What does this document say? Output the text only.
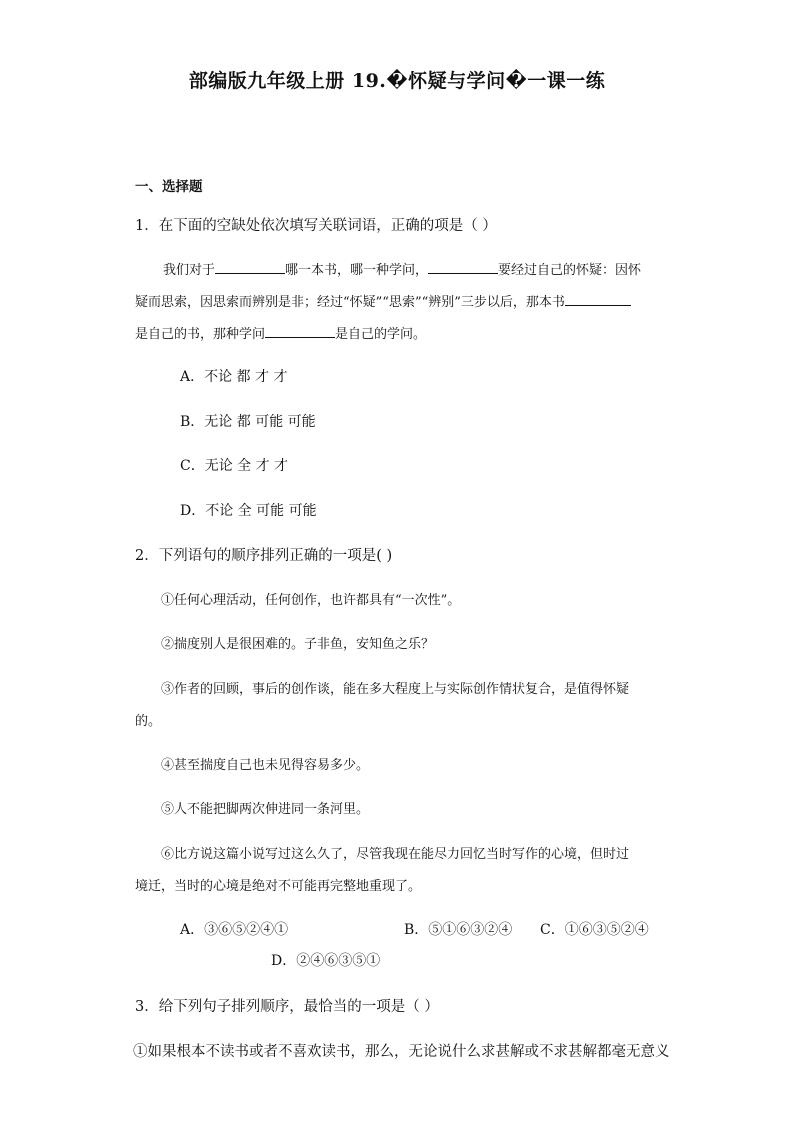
部编版九年级上册 19.�怀疑与学问�一课一练
一、选择题
1．在下面的空缺处依次填写关联词语，正确的项是（ ）
我们对于	哪一本书，哪一种学问，	要经过自己的怀疑：因怀
疑而思索，因思索而辨别是非；经过“怀疑”“思索”“辨别”三步以后，那本书
是自己的书，那种学问	是自己的学问。
A．不论 都 才 才
B．无论 都 可能 可能
C．无论 全 才 才
D．不论 全 可能 可能
2．下列语句的顺序排列正确的一项是( )
①任何心理活动，任何创作，也许都具有“一次性”。
②揣度别人是很困难的。子非鱼，安知鱼之乐？
③作者的回顾，事后的创作谈，能在多大程度上与实际创作情状复合，是值得怀疑
的。
④甚至揣度自己也未见得容易多少。
⑤人不能把脚两次伸进同一条河里。
⑥比方说这篇小说写过这么久了，尽管我现在能尽力回忆当时写作的心境，但时过
境迁，当时的心境是绝对不可能再完整地重现了。
A．③⑥⑤②④①	B．⑤①⑥③②④ C．①⑥③⑤②④
D．②④⑥③⑤①
3．给下列句子排列顺序，最恰当的一项是（ ）
①如果根本不读书或者不喜欢读书，那么，无论说什么求甚解或不求甚解都毫无意义
